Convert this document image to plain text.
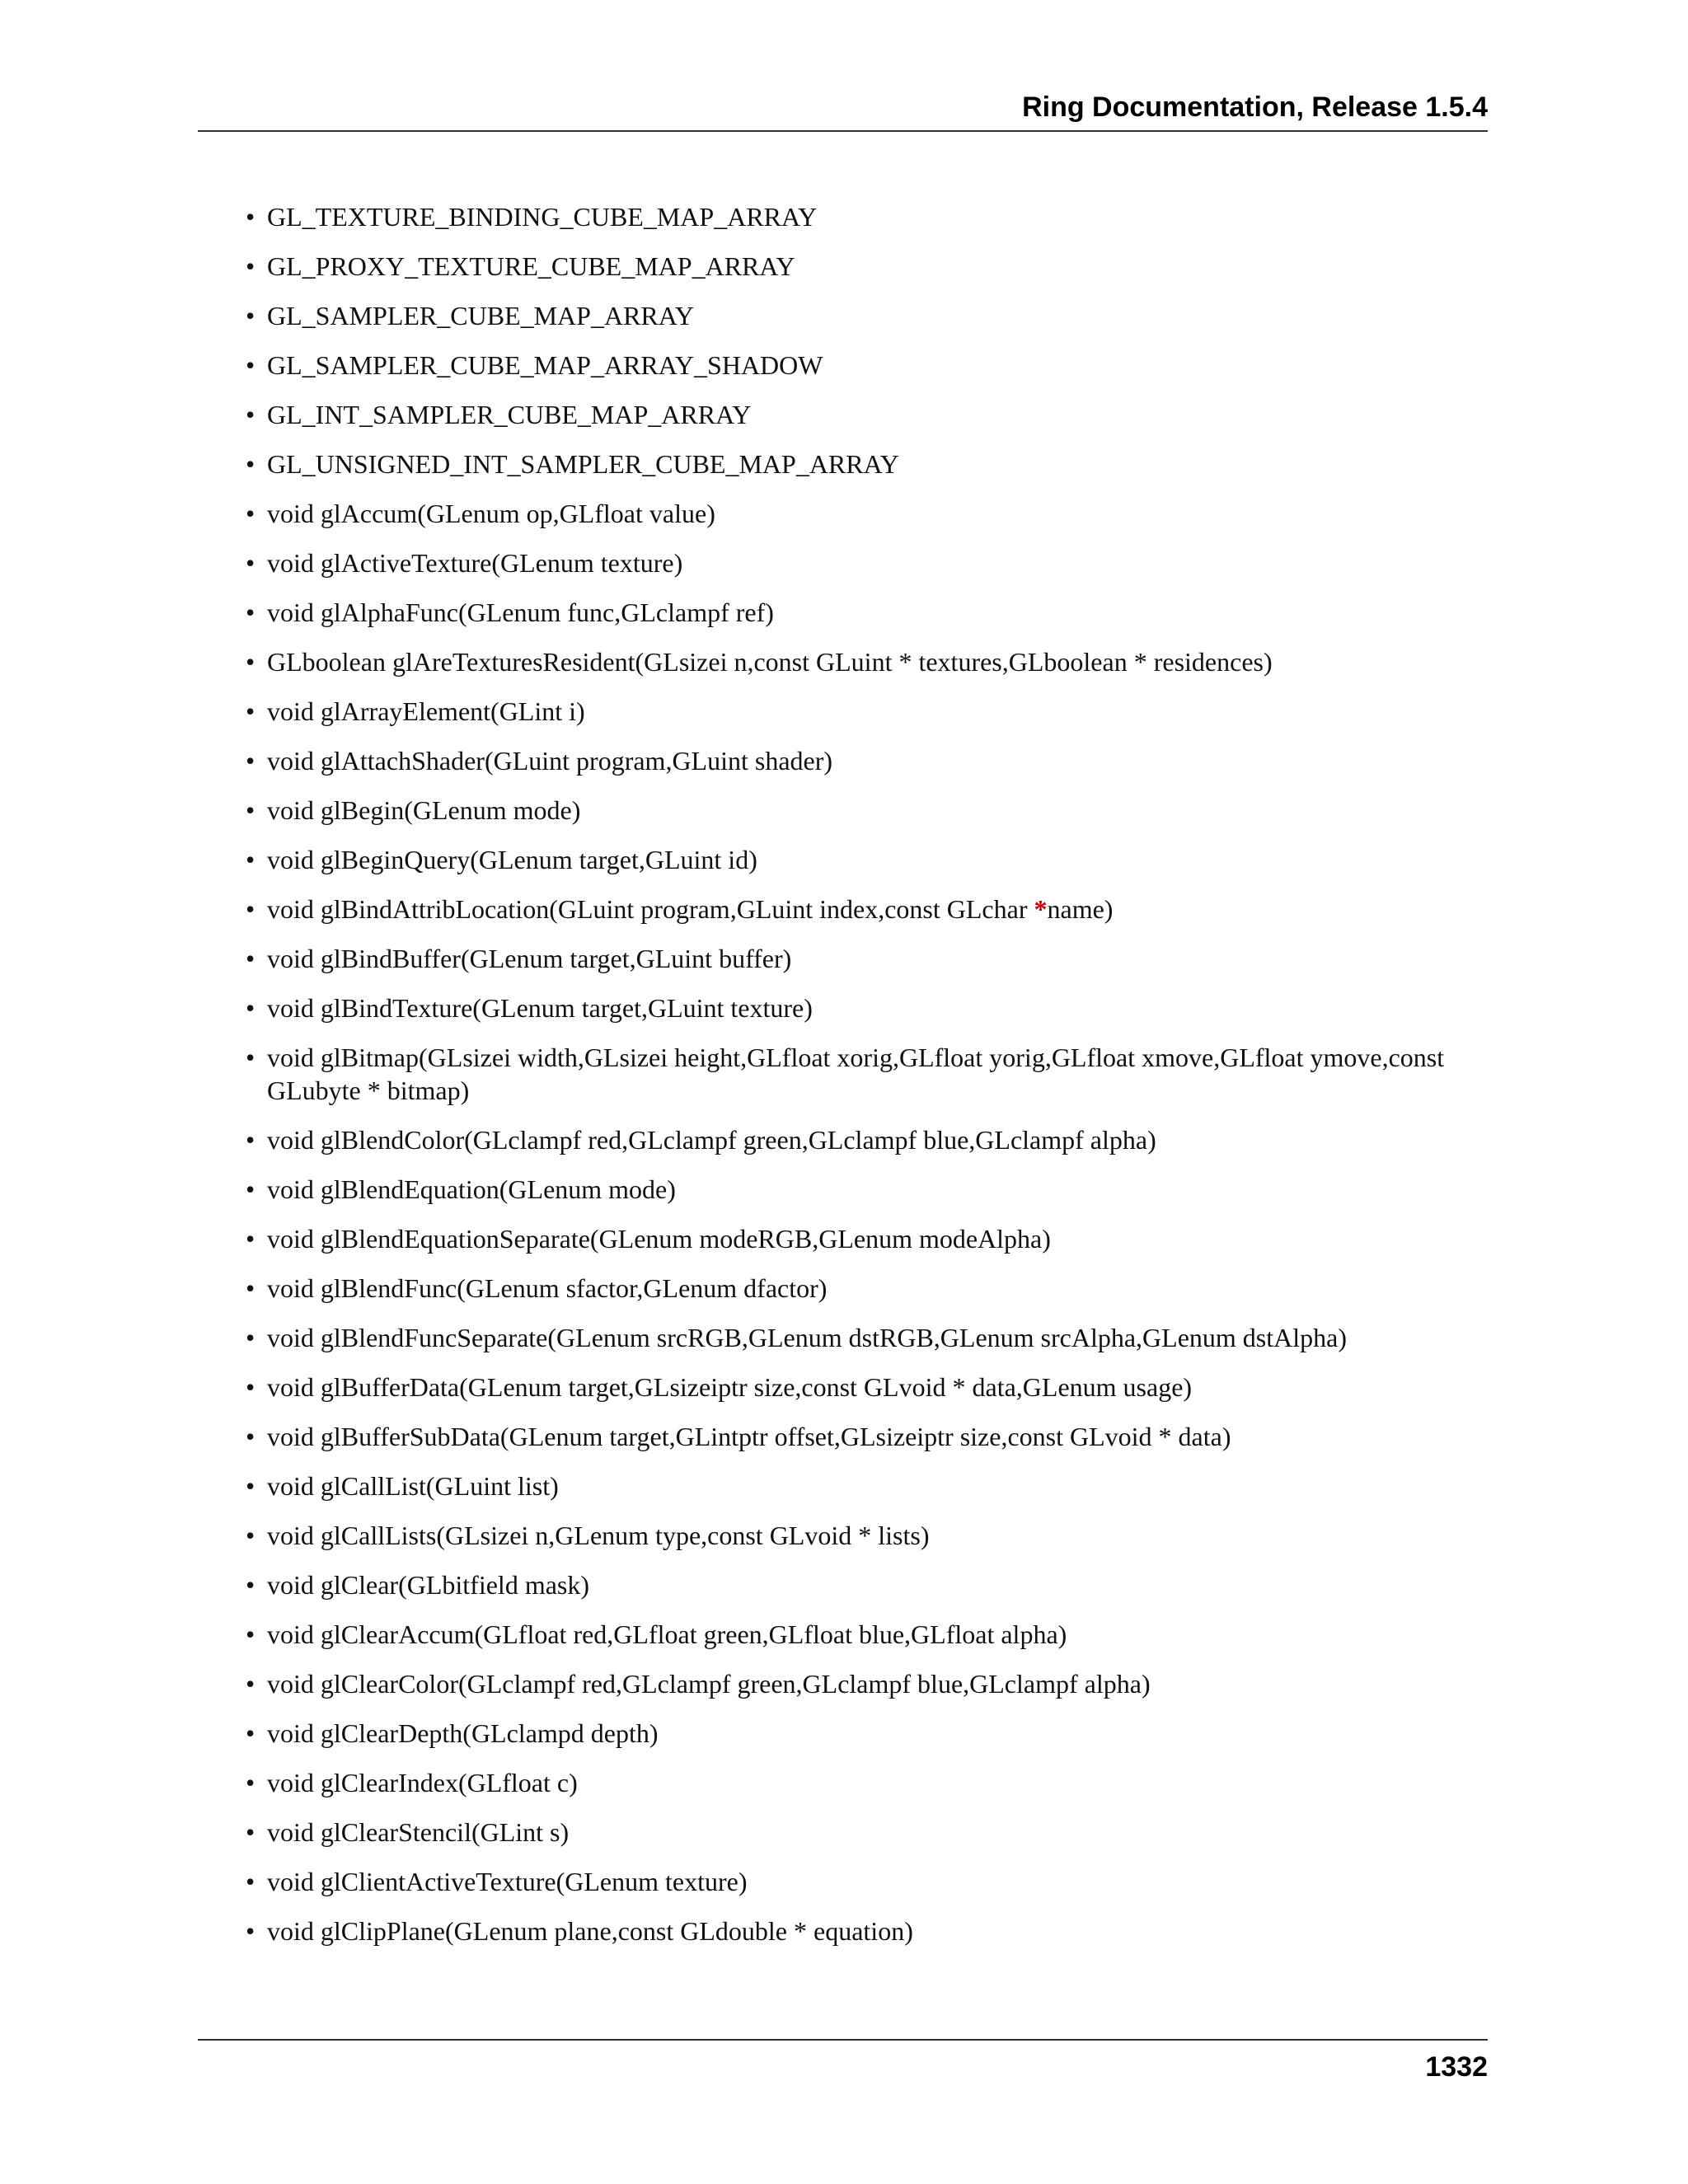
Ring Documentation, Release 1.5.4
• GL_TEXTURE_BINDING_CUBE_MAP_ARRAY
• GL_PROXY_TEXTURE_CUBE_MAP_ARRAY
• GL_SAMPLER_CUBE_MAP_ARRAY
• GL_SAMPLER_CUBE_MAP_ARRAY_SHADOW
• GL_INT_SAMPLER_CUBE_MAP_ARRAY
• GL_UNSIGNED_INT_SAMPLER_CUBE_MAP_ARRAY
• void glAccum(GLenum op,GLfloat value)
• void glActiveTexture(GLenum texture)
• void glAlphaFunc(GLenum func,GLclampf ref)
• GLboolean glAreTexturesResident(GLsizei n,const GLuint * textures,GLboolean * residences)
• void glArrayElement(GLint i)
• void glAttachShader(GLuint program,GLuint shader)
• void glBegin(GLenum mode)
• void glBeginQuery(GLenum target,GLuint id)
• void glBindAttribLocation(GLuint program,GLuint index,const GLchar *name)
• void glBindBuffer(GLenum target,GLuint buffer)
• void glBindTexture(GLenum target,GLuint texture)
• void glBitmap(GLsizei width,GLsizei height,GLfloat xorig,GLfloat yorig,GLfloat xmove,GLfloat ymove,const GLubyte * bitmap)
• void glBlendColor(GLclampf red,GLclampf green,GLclampf blue,GLclampf alpha)
• void glBlendEquation(GLenum mode)
• void glBlendEquationSeparate(GLenum modeRGB,GLenum modeAlpha)
• void glBlendFunc(GLenum sfactor,GLenum dfactor)
• void glBlendFuncSeparate(GLenum srcRGB,GLenum dstRGB,GLenum srcAlpha,GLenum dstAlpha)
• void glBufferData(GLenum target,GLsizeiptr size,const GLvoid * data,GLenum usage)
• void glBufferSubData(GLenum target,GLintptr offset,GLsizeiptr size,const GLvoid * data)
• void glCallList(GLuint list)
• void glCallLists(GLsizei n,GLenum type,const GLvoid * lists)
• void glClear(GLbitfield mask)
• void glClearAccum(GLfloat red,GLfloat green,GLfloat blue,GLfloat alpha)
• void glClearColor(GLclampf red,GLclampf green,GLclampf blue,GLclampf alpha)
• void glClearDepth(GLclampd depth)
• void glClearIndex(GLfloat c)
• void glClearStencil(GLint s)
• void glClientActiveTexture(GLenum texture)
• void glClipPlane(GLenum plane,const GLdouble * equation)
1332
